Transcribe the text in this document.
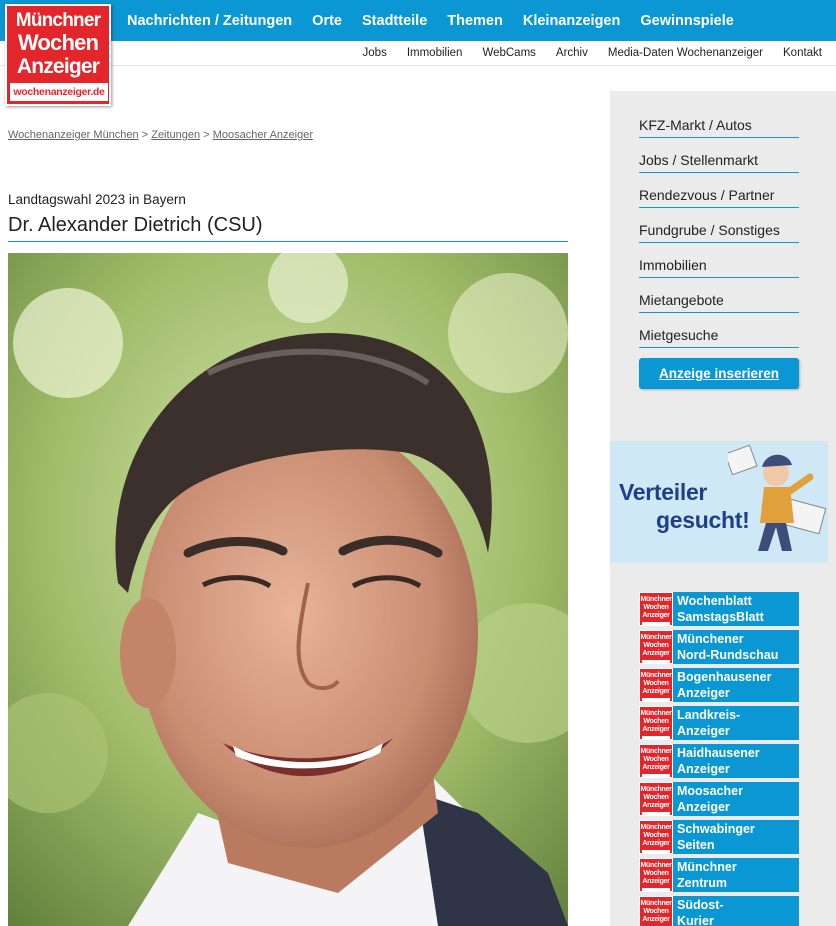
Nachrichten / Zeitungen Orte Stadtteile Themen Kleinanzeigen Gewinnspiele
Jobs Immobilien WebCams Archiv Media-Daten Wochenanzeiger Kontakt
Münchner
Wochen
Anzeiger
wochenanzeiger.de
Wochenanzeiger München > Zeitungen > Moosacher Anzeiger
Landtagswahl 2023 in Bayern
Dr. Alexander Dietrich (CSU)
KFZ-Markt / Autos
Jobs / Stellenmarkt
Rendezvous / Partner
Fundgrube / Sonstiges
Immobilien
Mietangebote
Mietgesuche
Anzeige inserieren
Verteiler
gesucht!
Münchner
Wochen
Anzeiger
Wochenblatt
SamstagsBlatt
Münchner
Wochen
Anzeiger
Münchener
Nord-Rundschau
Münchner
Wochen
Anzeiger
Bogenhausener
Anzeiger
Münchner
Wochen
Anzeiger
Landkreis-
Anzeiger
Münchner
Wochen
Anzeiger
Haidhausener
Anzeiger
Münchner
Wochen
Anzeiger
Moosacher
Anzeiger
Münchner
Wochen
Anzeiger
Schwabinger
Seiten
Münchner
Wochen
Anzeiger
Münchner
Zentrum
Münchner
Wochen
Anzeiger
Südost-
Kurier
